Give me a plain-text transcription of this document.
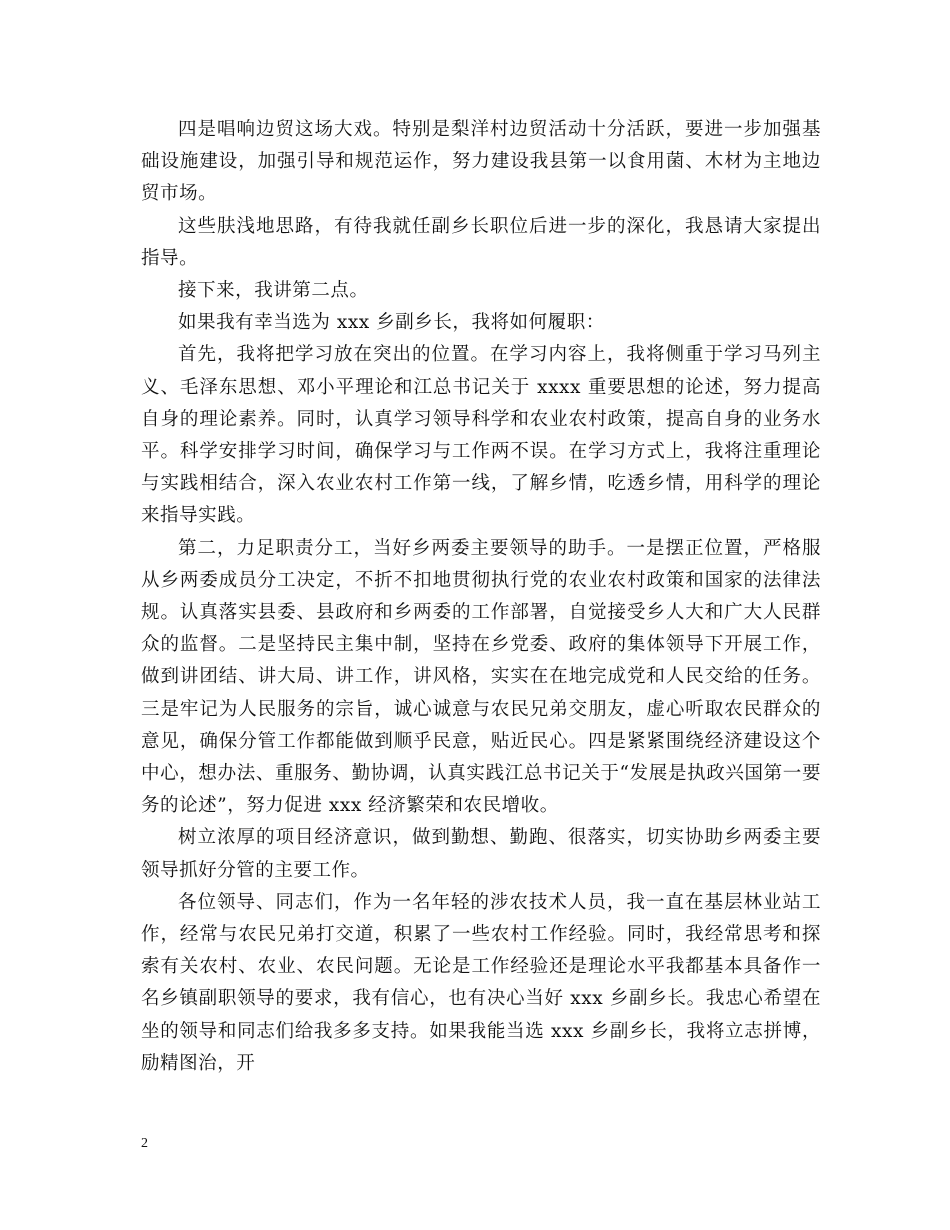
四是唱响边贸这场大戏。特别是梨洋村边贸活动十分活跃，要进一步加强基础设施建设，加强引导和规范运作，努力建设我县第一以食用菌、木材为主地边贸市场。

这些肤浅地思路，有待我就任副乡长职位后进一步的深化，我恳请大家提出指导。

接下来，我讲第二点。

如果我有幸当选为 xxx 乡副乡长，我将如何履职：

首先，我将把学习放在突出的位置。在学习内容上，我将侧重于学习马列主义、毛泽东思想、邓小平理论和江总书记关于 xxxx 重要思想的论述，努力提高自身的理论素养。同时，认真学习领导科学和农业农村政策，提高自身的业务水平。科学安排学习时间，确保学习与工作两不误。在学习方式上，我将注重理论与实践相结合，深入农业农村工作第一线，了解乡情，吃透乡情，用科学的理论来指导实践。

第二，力足职责分工，当好乡两委主要领导的助手。一是摆正位置，严格服从乡两委成员分工决定，不折不扣地贯彻执行党的农业农村政策和国家的法律法规。认真落实县委、县政府和乡两委的工作部署，自觉接受乡人大和广大人民群众的监督。二是坚持民主集中制，坚持在乡党委、政府的集体领导下开展工作，做到讲团结、讲大局、讲工作，讲风格，实实在在地完成党和人民交给的任务。三是牢记为人民服务的宗旨，诚心诚意与农民兄弟交朋友，虚心听取农民群众的意见，确保分管工作都能做到顺乎民意，贴近民心。四是紧紧围绕经济建设这个中心，想办法、重服务、勤协调，认真实践江总书记关于“发展是执政兴国第一要务的论述”，努力促进 xxx 经济繁荣和农民增收。

树立浓厚的项目经济意识，做到勤想、勤跑、很落实，切实协助乡两委主要领导抓好分管的主要工作。

各位领导、同志们，作为一名年轻的涉农技术人员，我一直在基层林业站工作，经常与农民兄弟打交道，积累了一些农村工作经验。同时，我经常思考和探索有关农村、农业、农民问题。无论是工作经验还是理论水平我都基本具备作一名乡镇副职领导的要求，我有信心，也有决心当好 xxx 乡副乡长。我忠心希望在坐的领导和同志们给我多多支持。如果我能当选 xxx 乡副乡长，我将立志拼博，励精图治，开

2
